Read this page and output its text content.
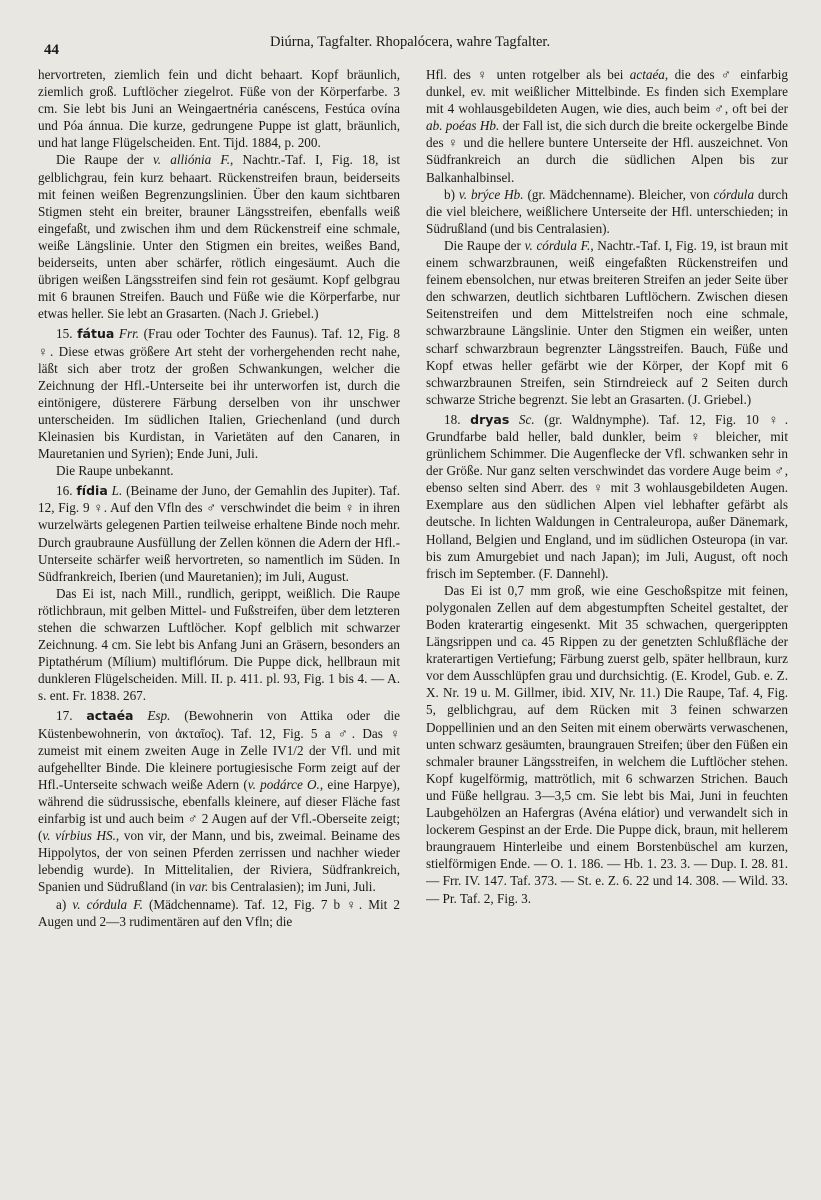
44	Diúrna, Tagfalter. Rhopalócera, wahre Tagfalter.

hervortreten, ziemlich fein und dicht behaart. Kopf bräunlich, ziemlich groß. Luftlöcher ziegelrot. Füße von der Körperfarbe. 3 cm. Sie lebt bis Juni an Weingaertnéria canéscens, Festúca ovína und Póa ánnua. Die kurze, gedrungene Puppe ist glatt, bräunlich, und hat lange Flügelscheiden. Ent. Tijd. 1884, p. 200.

Die Raupe der v. alliónia F., Nachtr.-Taf. I, Fig. 18, ist gelblichgrau, fein kurz behaart. Rückenstreifen braun, beiderseits mit feinen weißen Begrenzungslinien. Über den kaum sichtbaren Stigmen steht ein breiter, brauner Längsstreifen, ebenfalls weiß eingefaßt, und zwischen ihm und dem Rückenstreif eine schmale, weiße Längslinie. Unter den Stigmen ein breites, weißes Band, beiderseits, unten aber schärfer, rötlich eingesäumt. Auch die übrigen weißen Längsstreifen sind fein rot gesäumt. Kopf gelbgrau mit 6 braunen Streifen. Bauch und Füße wie die Körperfarbe, nur etwas heller. Sie lebt an Grasarten. (Nach J. Griebel.)

15. fátua Frr. (Frau oder Tochter des Faunus). Taf. 12, Fig. 8 ♀. Diese etwas größere Art steht der vorhergehenden recht nahe, läßt sich aber trotz der großen Schwankungen, welcher die Zeichnung der Hfl.-Unterseite bei ihr unterworfen ist, durch die eintönigere, düsterere Färbung derselben von ihr unschwer unterscheiden. Im südlichen Italien, Griechenland (und durch Kleinasien bis Kurdistan, in Varietäten auf den Canaren, in Mauretanien und Syrien); Ende Juni, Juli.

Die Raupe unbekannt.

16. fídia L. (Beiname der Juno, der Gemahlin des Jupiter). Taf. 12, Fig. 9 ♀. Auf den Vfln des ♂ verschwindet die beim ♀ in ihren wurzelwärts gelegenen Partien teilweise erhaltene Binde noch mehr. Durch graubraune Ausfüllung der Zellen können die Adern der Hfl.-Unterseite schärfer weiß hervortreten, so namentlich im Süden. In Südfrankreich, Iberien (und Mauretanien); im Juli, August.

Das Ei ist, nach Mill., rundlich, gerippt, weißlich. Die Raupe rötlichbraun, mit gelben Mittel- und Fußstreifen, über dem letzteren stehen die schwarzen Luftlöcher. Kopf gelblich mit schwarzer Zeichnung. 4 cm. Sie lebt bis Anfang Juni an Gräsern, besonders an Piptathérum (Mílium) multiflórum. Die Puppe dick, hellbraun mit dunkleren Flügelscheiden. Mill. II. p. 411. pl. 93, Fig. 1 bis 4. — A. s. ent. Fr. 1838. 267.

17. actaéa Esp. (Bewohnerin von Attika oder die Küstenbewohnerin, von ἀκταῖος). Taf. 12, Fig. 5 a ♂. Das ♀ zumeist mit einem zweiten Auge in Zelle IV1/2 der Vfl. und mit aufgehellter Binde. Die kleinere portugiesische Form zeigt auf der Hfl.-Unterseite schwach weiße Adern (v. podárce O., eine Harpye), während die südrussische, ebenfalls kleinere, auf dieser Fläche fast einfarbig ist und auch beim ♂ 2 Augen auf der Vfl.-Oberseite zeigt; (v. vírbius HS., von vir, der Mann, und bis, zweimal. Beiname des Hippolytos, der von seinen Pferden zerrissen und nachher wieder lebendig wurde). In Mittelitalien, der Riviera, Südfrankreich, Spanien und Südrußland (in var. bis Centralasien); im Juni, Juli.

a) v. córdula F. (Mädchenname). Taf. 12, Fig. 7 b ♀. Mit 2 Augen und 2—3 rudimentären auf den Vfln; die

Hfl. des ♀ unten rotgelber als bei actaéa, die des ♂ einfarbig dunkel, ev. mit weißlicher Mittelbinde. Es finden sich Exemplare mit 4 wohlausgebildeten Augen, wie dies, auch beim ♂, oft bei der ab. poéas Hb. der Fall ist, die sich durch die breite ockergelbe Binde des ♀ und die hellere buntere Unterseite der Hfl. auszeichnet. Von Südfrankreich an durch die südlichen Alpen bis zur Balkanhalbinsel.

b) v. brýce Hb. (gr. Mädchenname). Bleicher, von córdula durch die viel bleichere, weißlichere Unterseite der Hfl. unterschieden; in Südrußland (und bis Centralasien).

Die Raupe der v. córdula F., Nachtr.-Taf. I, Fig. 19, ist braun mit einem schwarzbraunen, weiß eingefaßten Rückenstreifen und feinem ebensolchen, nur etwas breiteren Streifen an jeder Seite über den schwarzen, deutlich sichtbaren Luftlöchern. Zwischen diesen Seitenstreifen und dem Mittelstreifen noch eine schmale, schwarzbraune Längslinie. Unter den Stigmen ein weißer, unten scharf schwarzbraun begrenzter Längsstreifen. Bauch, Füße und Kopf etwas heller gefärbt wie der Körper, der Kopf mit 6 schwarzbraunen Streifen, sein Stirndreieck auf 2 Seiten durch schwarze Striche begrenzt. Sie lebt an Grasarten. (J. Griebel.)

18. dryas Sc. (gr. Waldnymphe). Taf. 12, Fig. 10 ♀. Grundfarbe bald heller, bald dunkler, beim ♀ bleicher, mit grünlichem Schimmer. Die Augenflecke der Vfl. schwanken sehr in der Größe. Nur ganz selten verschwindet das vordere Auge beim ♂, ebenso selten sind Aberr. des ♀ mit 3 wohlausgebildeten Augen. Exemplare aus den südlichen Alpen viel lebhafter gefärbt als deutsche. In lichten Waldungen in Centraleuropa, außer Dänemark, Holland, Belgien und England, und im südlichen Osteuropa (in var. bis zum Amurgebiet und nach Japan); im Juli, August, oft noch frisch im September. (F. Dannehl).

Das Ei ist 0,7 mm groß, wie eine Geschoßspitze mit feinen, polygonalen Zellen auf dem abgestumpften Scheitel gestaltet, der Boden kraterartig eingesenkt. Mit 35 schwachen, quergerippten Längsrippen und ca. 45 Rippen zu der genetzten Schlußfläche der kraterartigen Vertiefung; Färbung zuerst gelb, später hellbraun, kurz vor dem Ausschlüpfen grau und durchsichtig. (E. Krodel, Gub. e. Z. X. Nr. 19 u. M. Gillmer, ibid. XIV, Nr. 11.) Die Raupe, Taf. 4, Fig. 5, gelblichgrau, auf dem Rücken mit 3 feinen schwarzen Doppellinien und an den Seiten mit einem oberwärts verwaschenen, unten schwarz gesäumten, braungrauen Streifen; über den Füßen ein schmaler brauner Längsstreifen, in welchem die Luftlöcher stehen. Kopf kugelförmig, mattrötlich, mit 6 schwarzen Strichen. Bauch und Füße hellgrau. 3—3,5 cm. Sie lebt bis Mai, Juni in feuchten Laubgehölzen an Hafergras (Avéna elátior) und verwandelt sich in lockerem Gespinst an der Erde. Die Puppe dick, braun, mit hellerem braungrauem Hinterleibe und einem Borstenbüschel am kurzen, stielförmigen Ende. — O. 1. 186. — Hb. 1. 23. 3. — Dup. I. 28. 81. — Frr. IV. 147. Taf. 373. — St. e. Z. 6. 22 und 14. 308. — Wild. 33. — Pr. Taf. 2, Fig. 3.
